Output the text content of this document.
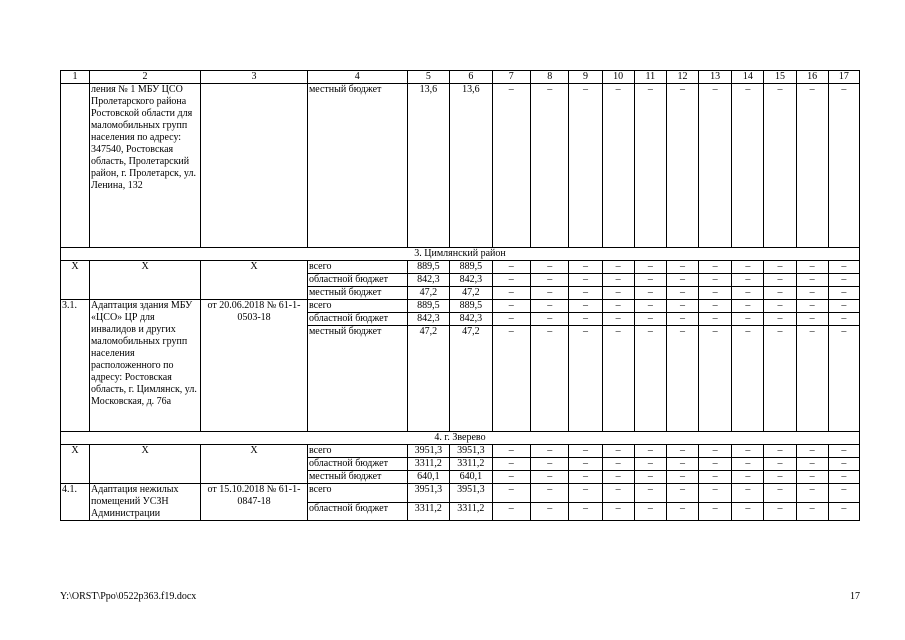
1	2	3	4	5	6	7	8	9	10	11	12	13	14	15	16	17
	ления № 1 МБУ ЦСО Пролетарского района Ростовской области для маломобильных групп населения по адресу: 347540, Ростовская область, Пролетарский район, г. Пролетарск, ул. Ленина, 132		местный бюджет	13,6	13,6	–	–	–	–	–	–	–	–	–	–	–
3. Цимлянский район																
Х	Х	Х	всего	889,5	889,5	–	–	–	–	–	–	–	–	–	–	–
			областной бюджет	842,3	842,3	–	–	–	–	–	–	–	–	–	–	–
			местный бюджет	47,2	47,2	–	–	–	–	–	–	–	–	–	–	–
3.1.	Адаптация здания МБУ «ЦСО» ЦР для инвалидов и других маломобильных групп населения расположенного по адресу: Ростовская область, г. Цимлянск, ул. Московская, д. 76а	от 20.06.2018 № 61-1-0503-18	всего	889,5	889,5	–	–	–	–	–	–	–	–	–	–	–
			областной бюджет	842,3	842,3	–	–	–	–	–	–	–	–	–	–	–
			местный бюджет	47,2	47,2	–	–	–	–	–	–	–	–	–	–	–
4. г. Зверево																
Х	Х	Х	всего	3951,3	3951,3	–	–	–	–	–	–	–	–	–	–	–
			областной бюджет	3311,2	3311,2	–	–	–	–	–	–	–	–	–	–	–
			местный бюджет	640,1	640,1	–	–	–	–	–	–	–	–	–	–	–
4.1.	Адаптация нежилых помещений УСЗН Администрации	от 15.10.2018 № 61-1-0847-18	всего	3951,3	3951,3	–	–	–	–	–	–	–	–	–	–	–
			областной бюджет	3311,2	3311,2	–	–	–	–	–	–	–	–	–	–	–
Y:\ORST\Ppo\0522p363.f19.docx	17
